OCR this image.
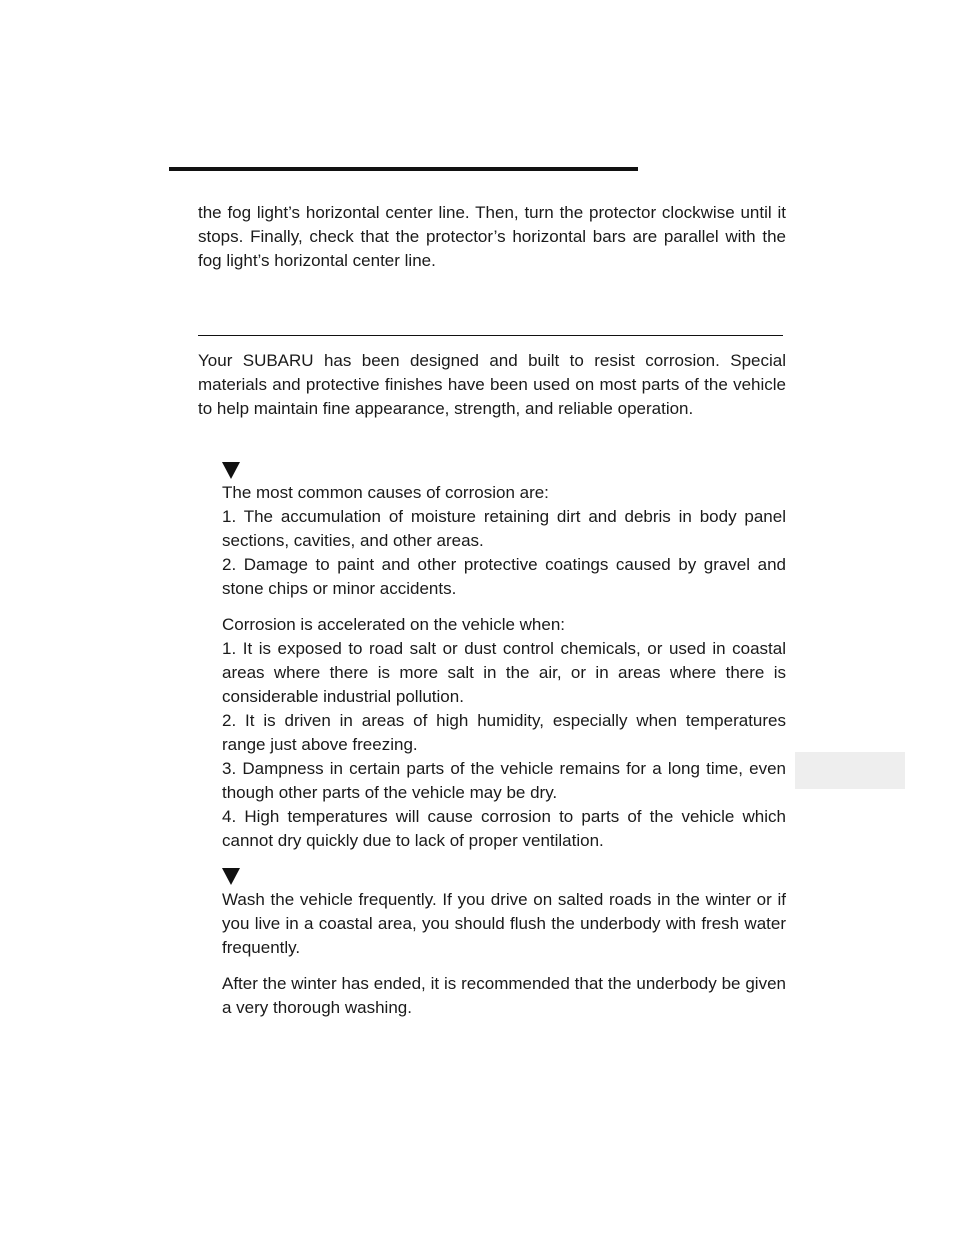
the fog light’s horizontal center line. Then, turn the protector clockwise until it stops. Finally, check that the protector’s horizontal bars are parallel with the fog light’s horizontal center line.

Your SUBARU has been designed and built to resist corrosion. Special materials and protective finishes have been used on most parts of the vehicle to help maintain fine appearance, strength, and reliable operation.

The most common causes of corrosion are:

1. The accumulation of moisture retaining dirt and debris in body panel sections, cavities, and other areas.

2. Damage to paint and other protective coatings caused by gravel and stone chips or minor accidents.

Corrosion is accelerated on the vehicle when:

1. It is exposed to road salt or dust control chemicals, or used in coastal areas where there is more salt in the air, or in areas where there is considerable industrial pollution.

2. It is driven in areas of high humidity, especially when temperatures range just above freezing.

3. Dampness in certain parts of the vehicle remains for a long time, even though other parts of the vehicle may be dry.

4. High temperatures will cause corrosion to parts of the vehicle which cannot dry quickly due to lack of proper ventilation.

Wash the vehicle frequently. If you drive on salted roads in the winter or if you live in a coastal area, you should flush the underbody with fresh water frequently.

After the winter has ended, it is recommended that the underbody be given a very thorough washing.
